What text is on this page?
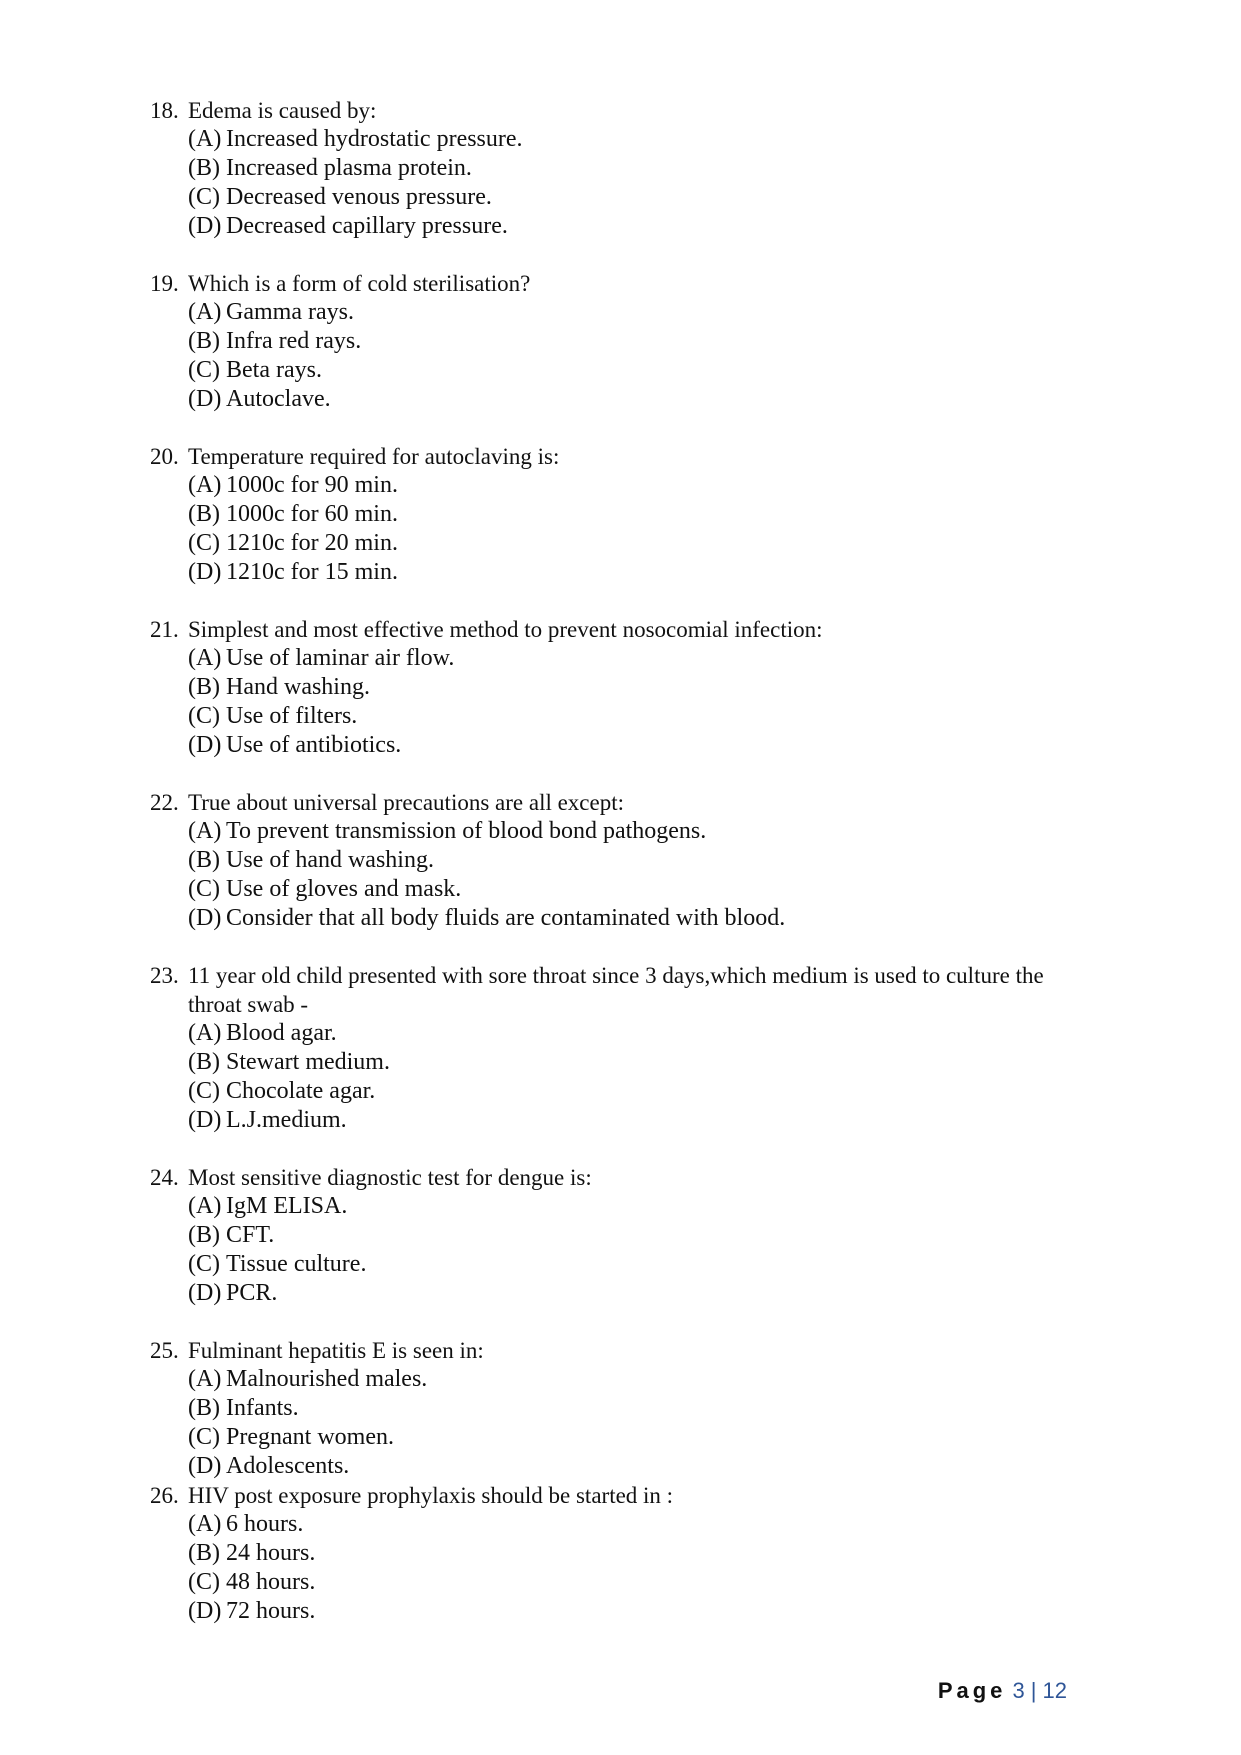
18. Edema is caused by:
(A) Increased hydrostatic pressure.
(B) Increased plasma protein.
(C) Decreased venous pressure.
(D) Decreased capillary pressure.
19. Which is a form of cold sterilisation?
(A) Gamma rays.
(B) Infra red rays.
(C) Beta rays.
(D) Autoclave.
20. Temperature required for autoclaving is:
(A) 1000c for 90 min.
(B) 1000c for 60 min.
(C) 1210c for 20 min.
(D) 1210c for 15 min.
21. Simplest and most effective method to prevent nosocomial infection:
(A) Use of laminar air flow.
(B) Hand washing.
(C) Use of filters.
(D) Use of antibiotics.
22. True about universal precautions are all except:
(A) To prevent transmission of blood bond pathogens.
(B) Use of hand washing.
(C) Use of gloves and mask.
(D) Consider that all body fluids are contaminated with blood.
23. 11 year old child presented with sore throat since 3 days,which medium is used to culture the throat swab -
(A) Blood agar.
(B) Stewart medium.
(C) Chocolate agar.
(D) L.J.medium.
24. Most sensitive diagnostic test for dengue is:
(A) IgM ELISA.
(B) CFT.
(C) Tissue culture.
(D) PCR.
25. Fulminant hepatitis E is seen in:
(A) Malnourished males.
(B) Infants.
(C) Pregnant women.
(D) Adolescents.
26. HIV post exposure prophylaxis should be started in :
(A) 6 hours.
(B) 24 hours.
(C) 48 hours.
(D) 72 hours.
Page 3 | 12
